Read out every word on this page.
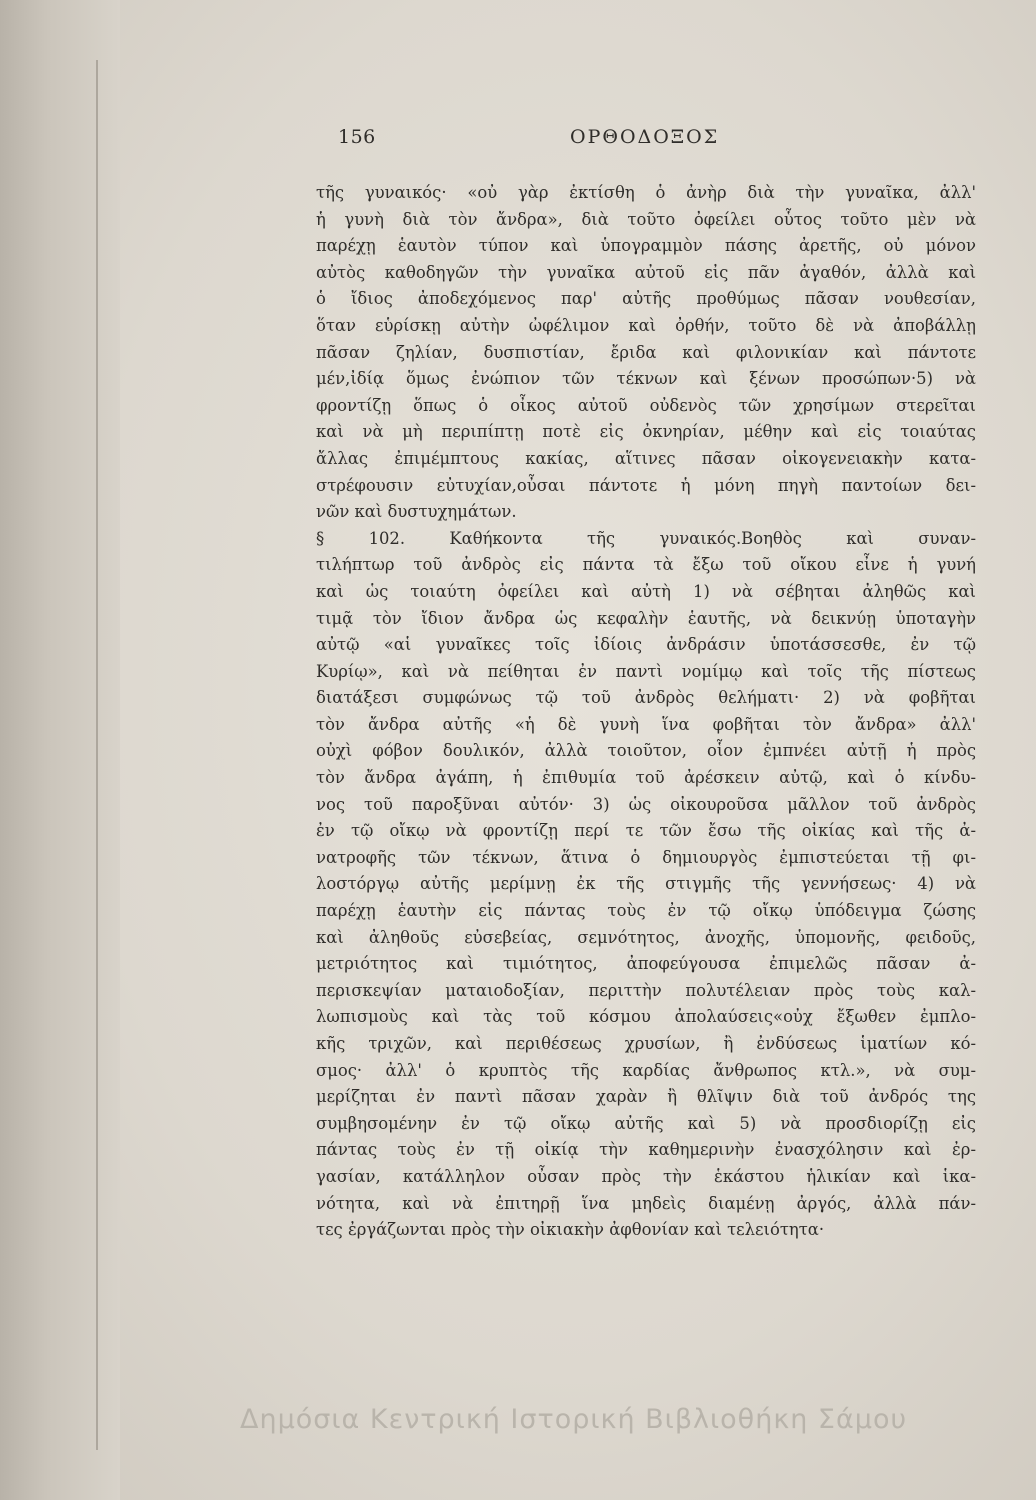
156	ΟΡΘΟΔΟΞΟΣ
τῆς γυναικός· «οὐ γὰρ ἐκτίσθη ὁ ἀνὴρ διὰ τὴν γυναῖκα, ἀλλ'
ἡ γυνὴ διὰ τὸν ἄνδρα», διὰ τοῦτο ὀφείλει οὗτος τοῦτο μὲν νὰ
παρέχῃ ἑαυτὸν τύπον καὶ ὑπογραμμὸν πάσης ἀρετῆς, οὐ μόνον
αὐτὸς καθοδηγῶν τὴν γυναῖκα αὐτοῦ εἰς πᾶν ἀγαθόν, ἀλλὰ καὶ
ὁ ἴδιος ἀποδεχόμενος παρ' αὐτῆς προθύμως πᾶσαν νουθεσίαν,
ὅταν εὑρίσκῃ αὐτὴν ὠφέλιμον καὶ ὀρθήν, τοῦτο δὲ νὰ ἀποβάλλῃ
πᾶσαν ζηλίαν, δυσπιστίαν, ἔριδα καὶ φιλονικίαν καὶ πάντοτε
μέν,ἰδίᾳ ὅμως ἐνώπιον τῶν τέκνων καὶ ξένων προσώπων·5) νὰ
φροντίζῃ ὅπως ὁ οἶκος αὐτοῦ οὐδενὸς τῶν χρησίμων στερεῖται
καὶ νὰ μὴ περιπίπτῃ ποτὲ εἰς ὀκνηρίαν, μέθην καὶ εἰς τοιαύτας
ἄλλας ἐπιμέμπτους κακίας, αἵτινες πᾶσαν οἰκογενειακὴν κατα-
στρέφουσιν εὐτυχίαν,οὖσαι πάντοτε ἡ μόνη πηγὴ παντοίων δει-
νῶν καὶ δυστυχημάτων.
§ 102. Καθήκοντα τῆς γυναικός.Βοηθὸς καὶ συναν-
τιλήπτωρ τοῦ ἀνδρὸς εἰς πάντα τὰ ἔξω τοῦ οἴκου εἶνε ἡ γυνή
καὶ ὡς τοιαύτη ὀφείλει καὶ αὐτὴ 1) νὰ σέβηται ἀληθῶς καὶ
τιμᾷ τὸν ἴδιον ἄνδρα ὡς κεφαλὴν ἑαυτῆς, νὰ δεικνύῃ ὑποταγὴν
αὐτῷ «αἱ γυναῖκες τοῖς ἰδίοις ἀνδράσιν ὑποτάσσεσθε, ἐν τῷ
Κυρίῳ», καὶ νὰ πείθηται ἐν παντὶ νομίμῳ καὶ τοῖς τῆς πίστεως
διατάξεσι συμφώνως τῷ τοῦ ἀνδρὸς θελήματι· 2) νὰ φοβῆται
τὸν ἄνδρα αὐτῆς «ἡ δὲ γυνὴ ἵνα φοβῆται τὸν ἄνδρα» ἀλλ'
οὐχὶ φόβον δουλικόν, ἀλλὰ τοιοῦτον, οἷον ἐμπνέει αὐτῇ ἡ πρὸς
τὸν ἄνδρα ἀγάπη, ἡ ἐπιθυμία τοῦ ἀρέσκειν αὐτῷ, καὶ ὁ κίνδυ-
νος τοῦ παροξῦναι αὐτόν· 3) ὡς οἰκουροῦσα μᾶλλον τοῦ ἀνδρὸς
ἐν τῷ οἴκῳ νὰ φροντίζῃ περί τε τῶν ἔσω τῆς οἰκίας καὶ τῆς ἀ-
νατροφῆς τῶν τέκνων, ἅτινα ὁ δημιουργὸς ἐμπιστεύεται τῇ φι-
λοστόργῳ αὐτῆς μερίμνῃ ἐκ τῆς στιγμῆς τῆς γεννήσεως· 4) νὰ
παρέχῃ ἑαυτὴν εἰς πάντας τοὺς ἐν τῷ οἴκῳ ὑπόδειγμα ζώσης
καὶ ἀληθοῦς εὐσεβείας, σεμνότητος, ἀνοχῆς, ὑπομονῆς, φειδοῦς,
μετριότητος καὶ τιμιότητος, ἀποφεύγουσα ἐπιμελῶς πᾶσαν ἀ-
περισκεψίαν ματαιοδοξίαν, περιττὴν πολυτέλειαν πρὸς τοὺς καλ-
λωπισμοὺς καὶ τὰς τοῦ κόσμου ἀπολαύσεις«οὐχ ἔξωθεν ἐμπλο-
κῆς τριχῶν, καὶ περιθέσεως χρυσίων, ἢ ἐνδύσεως ἱματίων κό-
σμος· ἀλλ' ὁ κρυπτὸς τῆς καρδίας ἄνθρωπος κτλ.», νὰ συμ-
μερίζηται ἐν παντὶ πᾶσαν χαρὰν ἢ θλῖψιν διὰ τοῦ ἀνδρός της
συμβησομένην ἐν τῷ οἴκῳ αὐτῆς καὶ 5) νὰ προσδιορίζῃ εἰς
πάντας τοὺς ἐν τῇ οἰκίᾳ τὴν καθημερινὴν ἐνασχόλησιν καὶ ἐρ-
γασίαν, κατάλληλον οὖσαν πρὸς τὴν ἑκάστου ἡλικίαν καὶ ἱκα-
νότητα, καὶ νὰ ἐπιτηρῇ ἵνα μηδεὶς διαμένῃ ἀργός, ἀλλὰ πάν-
τες ἐργάζωνται πρὸς τὴν οἰκιακὴν ἀφθονίαν καὶ τελειότητα·
Δημόσια Κεντρική Ιστορική Βιβλιοθήκη Σάμου
